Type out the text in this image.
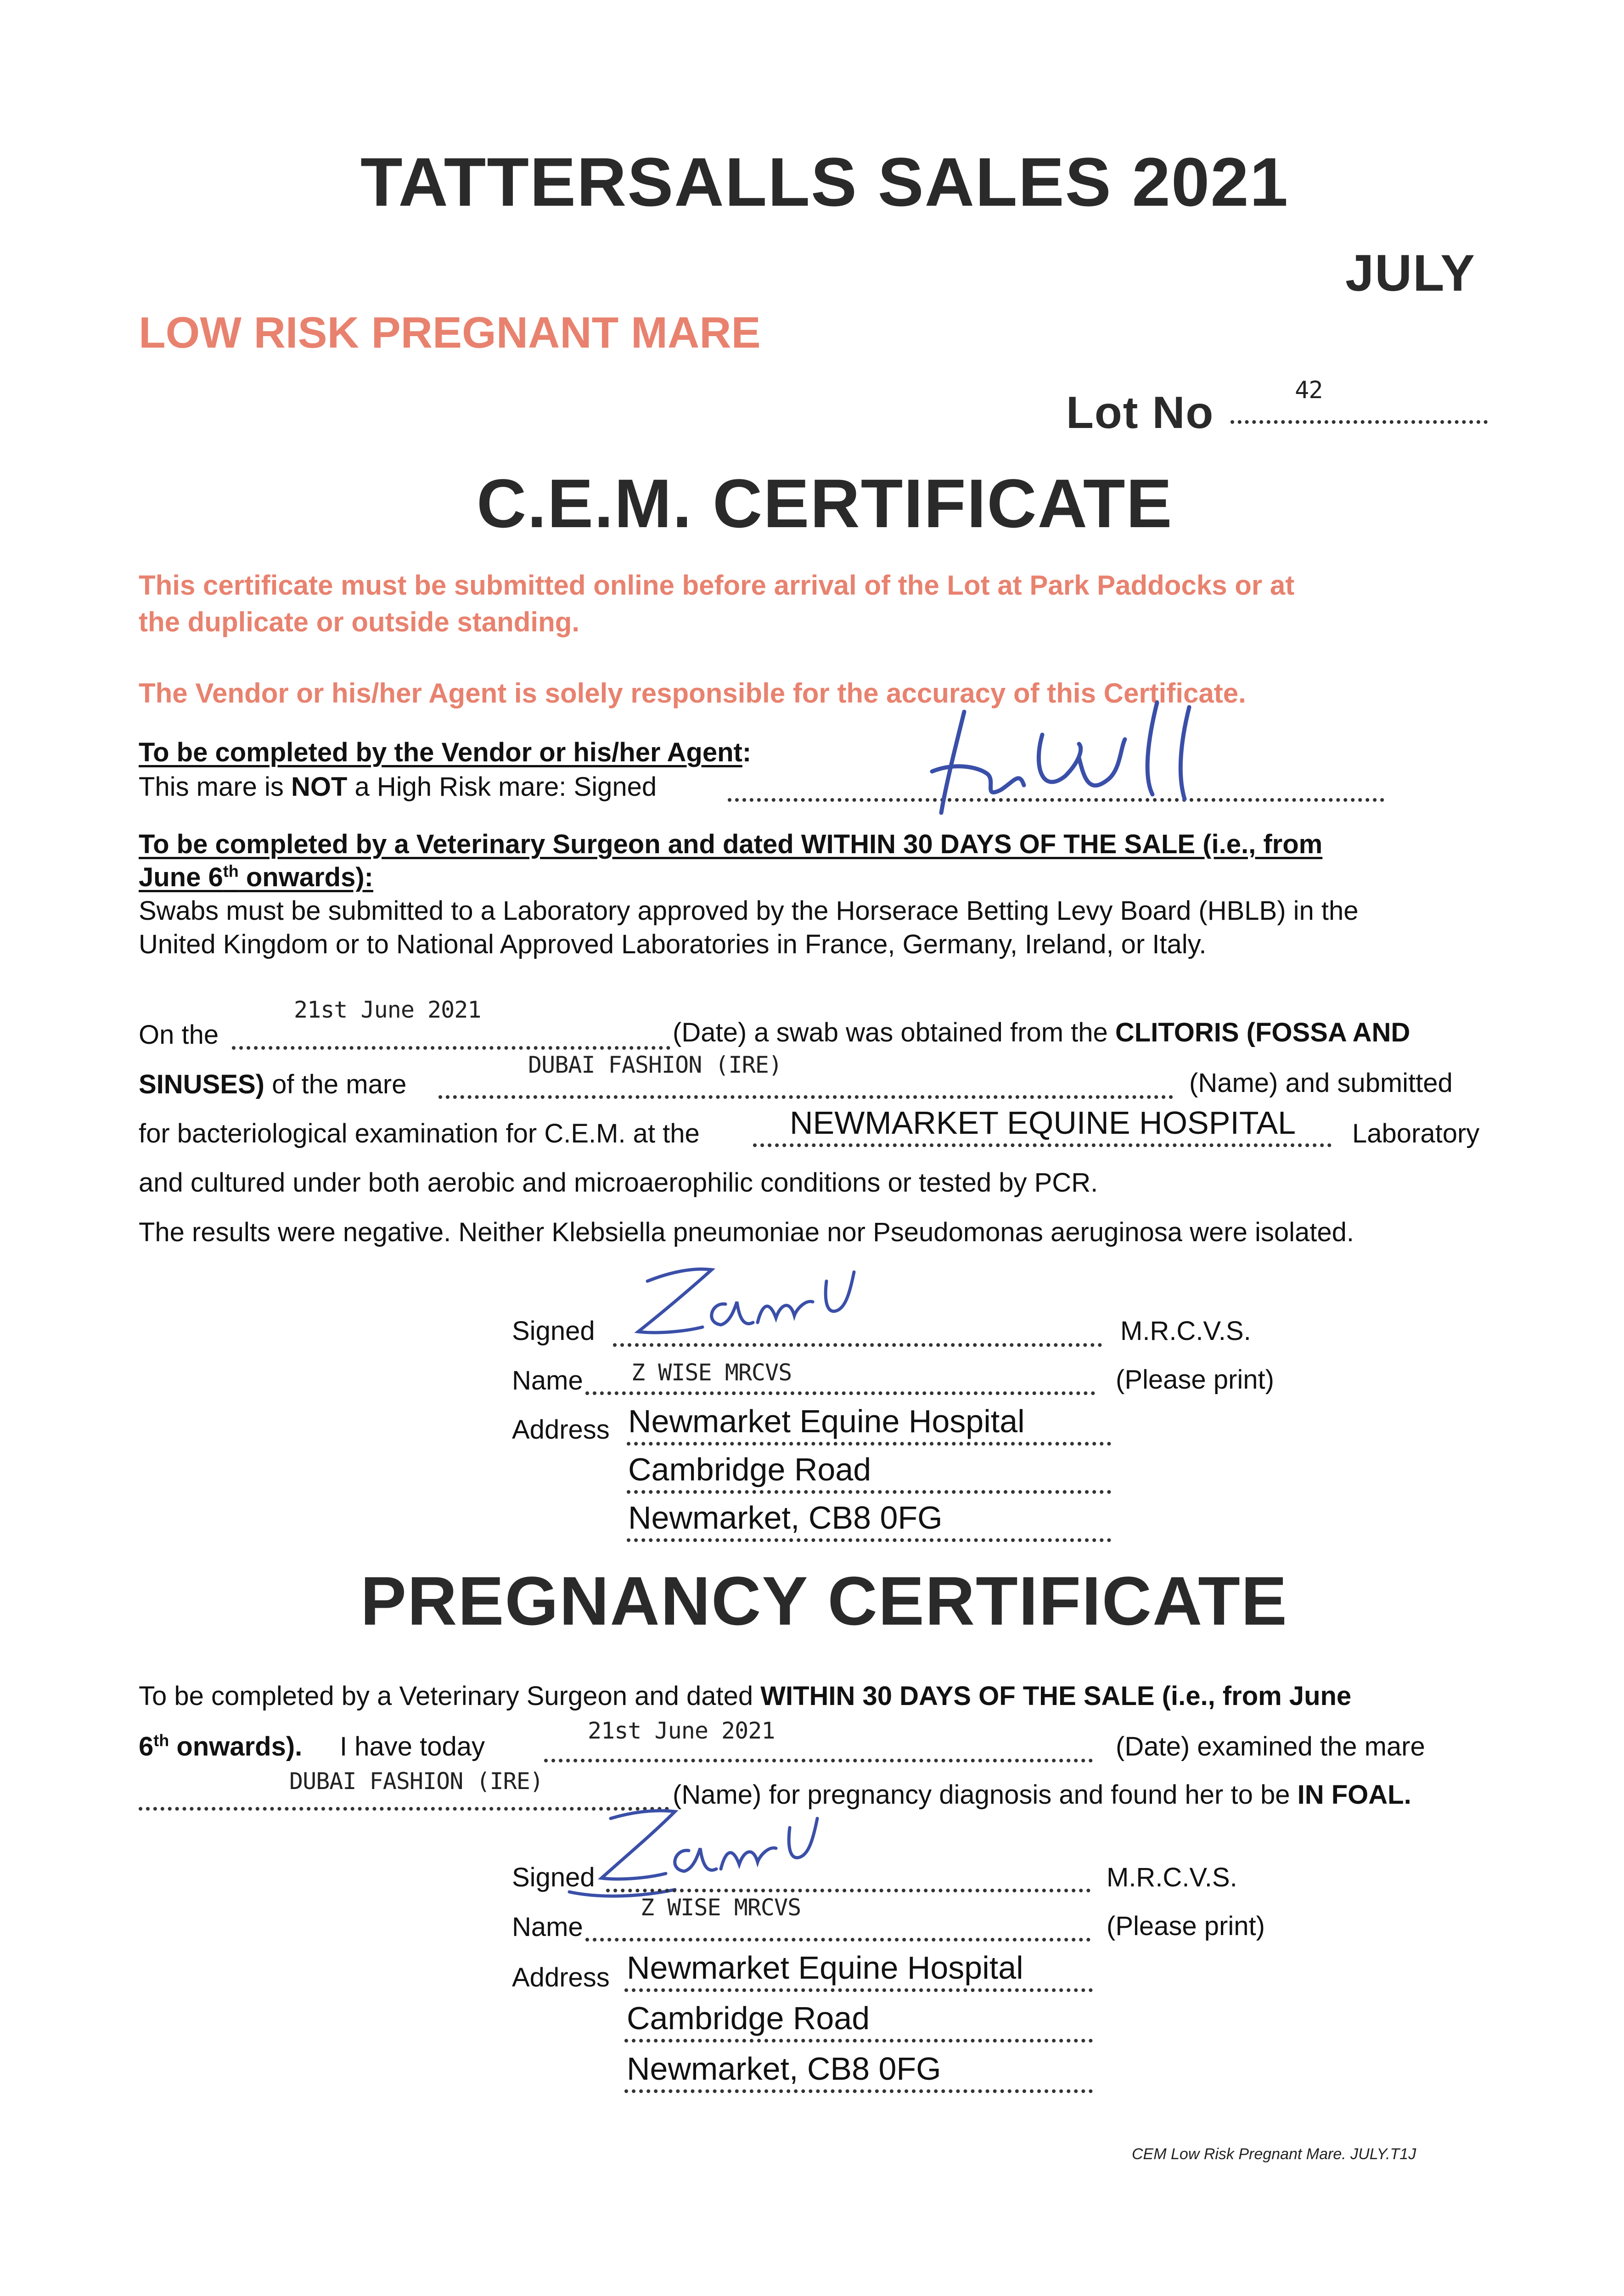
TATTERSALLS SALES 2021
JULY
LOW RISK PREGNANT MARE
Lot No	42
C.E.M. CERTIFICATE
This certificate must be submitted online before arrival of the Lot at Park Paddocks or at
the duplicate or outside standing.
The Vendor or his/her Agent is solely responsible for the accuracy of this Certificate.
To be completed by the Vendor or his/her Agent:
This mare is NOT a High Risk mare: Signed
To be completed by a Veterinary Surgeon and dated WITHIN 30 DAYS OF THE SALE (i.e., from
June 6th onwards):
Swabs must be submitted to a Laboratory approved by the Horserace Betting Levy Board (HBLB) in the
United Kingdom or to National Approved Laboratories in France, Germany, Ireland, or Italy.
21st June 2021
On the	(Date) a swab was obtained from the CLITORIS (FOSSA AND
DUBAI FASHION (IRE)
SINUSES) of the mare	(Name) and submitted
for bacteriological examination for C.E.M. at the	NEWMARKET EQUINE HOSPITAL Laboratory
and cultured under both aerobic and microaerophilic conditions or tested by PCR.
The results were negative. Neither Klebsiella pneumoniae nor Pseudomonas aeruginosa were isolated.
Signed	M.R.C.V.S.
Z WISE MRCVS
Name	(Please print)
Address Newmarket Equine Hospital
Cambridge Road
Newmarket, CB8 0FG
PREGNANCY CERTIFICATE
To be completed by a Veterinary Surgeon and dated WITHIN 30 DAYS OF THE SALE (i.e., from June
6th onwards). I have today
21st June 2021
(Date) examined the mare
DUBAI FASHION (IRE)	(Name) for pregnancy diagnosis and found her to be IN FOAL.
Signed	M.R.C.V.S.
Z WISE MRCVS
Name	(Please print)
Address Newmarket Equine Hospital
Cambridge Road
Newmarket, CB8 0FG
CEM Low Risk Pregnant Mare. JULY.T1J
